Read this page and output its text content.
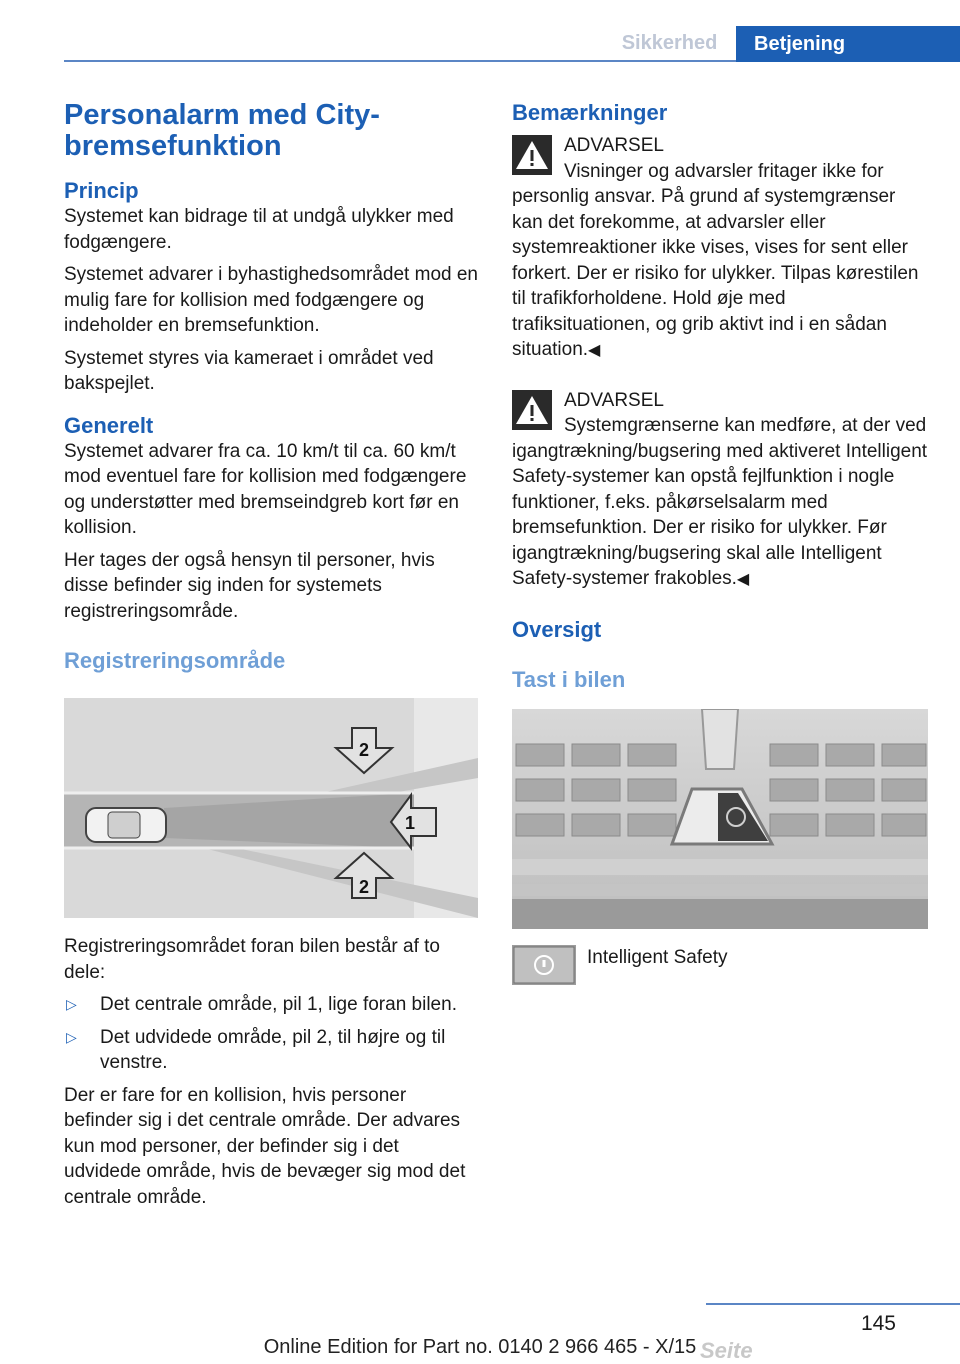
Sikkerhed	Betjening
Personalarm med City-bremsefunktion
Princip

Systemet kan bidrage til at undgå ulykker med fodgængere.

Systemet advarer i byhastighedsområdet mod en mulig fare for kollision med fodgængere og indeholder en bremsefunktion.

Systemet styres via kameraet i området ved bakspejlet.

Generelt

Systemet advarer fra ca. 10 km/t til ca. 60 km/t mod eventuel fare for kollision med fodgængere og understøtter med bremseindgreb kort før en kollision.

Her tages der også hensyn til personer, hvis disse befinder sig inden for systemets registreringsområde.

Registreringsområde
2
1
2

Registreringsområdet foran bilen består af to dele:

▷ Det centrale område, pil 1, lige foran bilen.
▷ Det udvidede område, pil 2, til højre og til venstre.

Der er fare for en kollision, hvis personer befinder sig i det centrale område. Der advares kun mod personer, der befinder sig i det udvidede område, hvis de bevæger sig mod det centrale område.

Bemærkninger

ADVARSEL

Visninger og advarsler fritager ikke for personlig ansvar. På grund af systemgrænser kan det forekomme, at advarsler eller systemreaktioner ikke vises, vises for sent eller forkert. Der er risiko for ulykker. Tilpas kørestilen til trafikforholdene. Hold øje med trafiksituationen, og grib aktivt ind i en sådan situation.◀

ADVARSEL

Systemgrænserne kan medføre, at der ved igangtrækning/bugsering med aktiveret Intelligent Safety-systemer kan opstå fejlfunktion i nogle funktioner, f.eks. påkørselsalarm med bremsefunktion. Der er risiko for ulykker. Før igangtrækning/bugsering skal alle Intelligent Safety-systemer frakobles.◀

Oversigt
Tast i bilen
Intelligent Safety
145
Online Edition for Part no. 0140 2 966 465 - X/15 Seite
